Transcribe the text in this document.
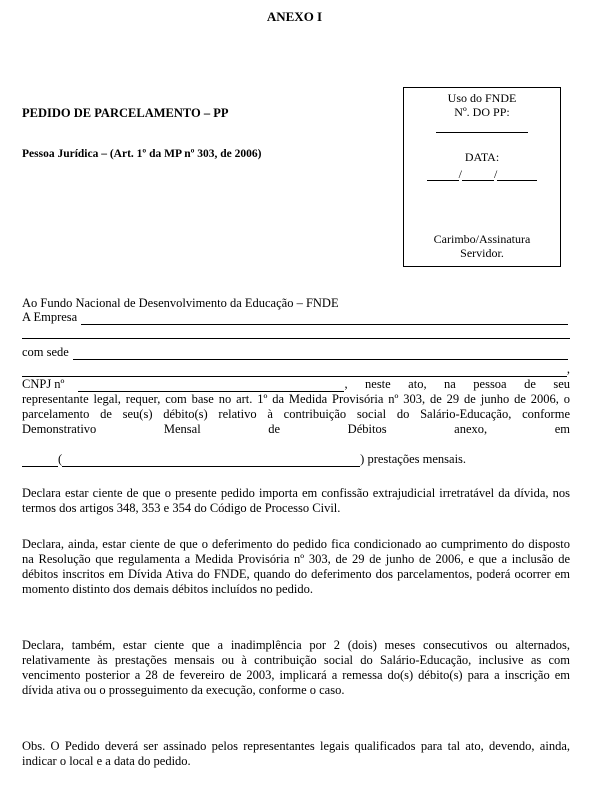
ANEXO I
PEDIDO DE PARCELAMENTO – PP
Pessoa Jurídica – (Art. 1º da MP nº 303, de 2006)
Uso do FNDE
Nº. DO PP:
DATA:
/	/
Carimbo/Assinatura
Servidor.
Ao Fundo Nacional de Desenvolvimento da Educação – FNDE
A Empresa
com sede
,
CNPJ nº	, neste ato, na pessoa de seu
representante legal, requer, com base no art. 1º da Medida Provisória nº 303, de 29 de junho de 2006, o parcelamento de seu(s) débito(s) relativo à contribuição social do Salário-Educação, conforme Demonstrativo Mensal de Débitos anexo, em
(	) prestações mensais.
Declara estar ciente de que o presente pedido importa em confissão extrajudicial irretratável da dívida, nos termos dos artigos 348, 353 e 354 do Código de Processo Civil.
Declara, ainda, estar ciente de que o deferimento do pedido fica condicionado ao cumprimento do disposto na Resolução que regulamenta a Medida Provisória nº 303, de 29 de junho de 2006, e que a inclusão de débitos inscritos em Dívida Ativa do FNDE, quando do deferimento dos parcelamentos, poderá ocorrer em momento distinto dos demais débitos incluídos no pedido.
Declara, também, estar ciente que a inadimplência por 2 (dois) meses consecutivos ou alternados, relativamente às prestações mensais ou à contribuição social do Salário-Educação, inclusive as com vencimento posterior a 28 de fevereiro de 2003, implicará a remessa do(s) débito(s) para a inscrição em dívida ativa ou o prosseguimento da execução, conforme o caso.
Obs. O Pedido deverá ser assinado pelos representantes legais qualificados para tal ato, devendo, ainda, indicar o local e a data do pedido.
